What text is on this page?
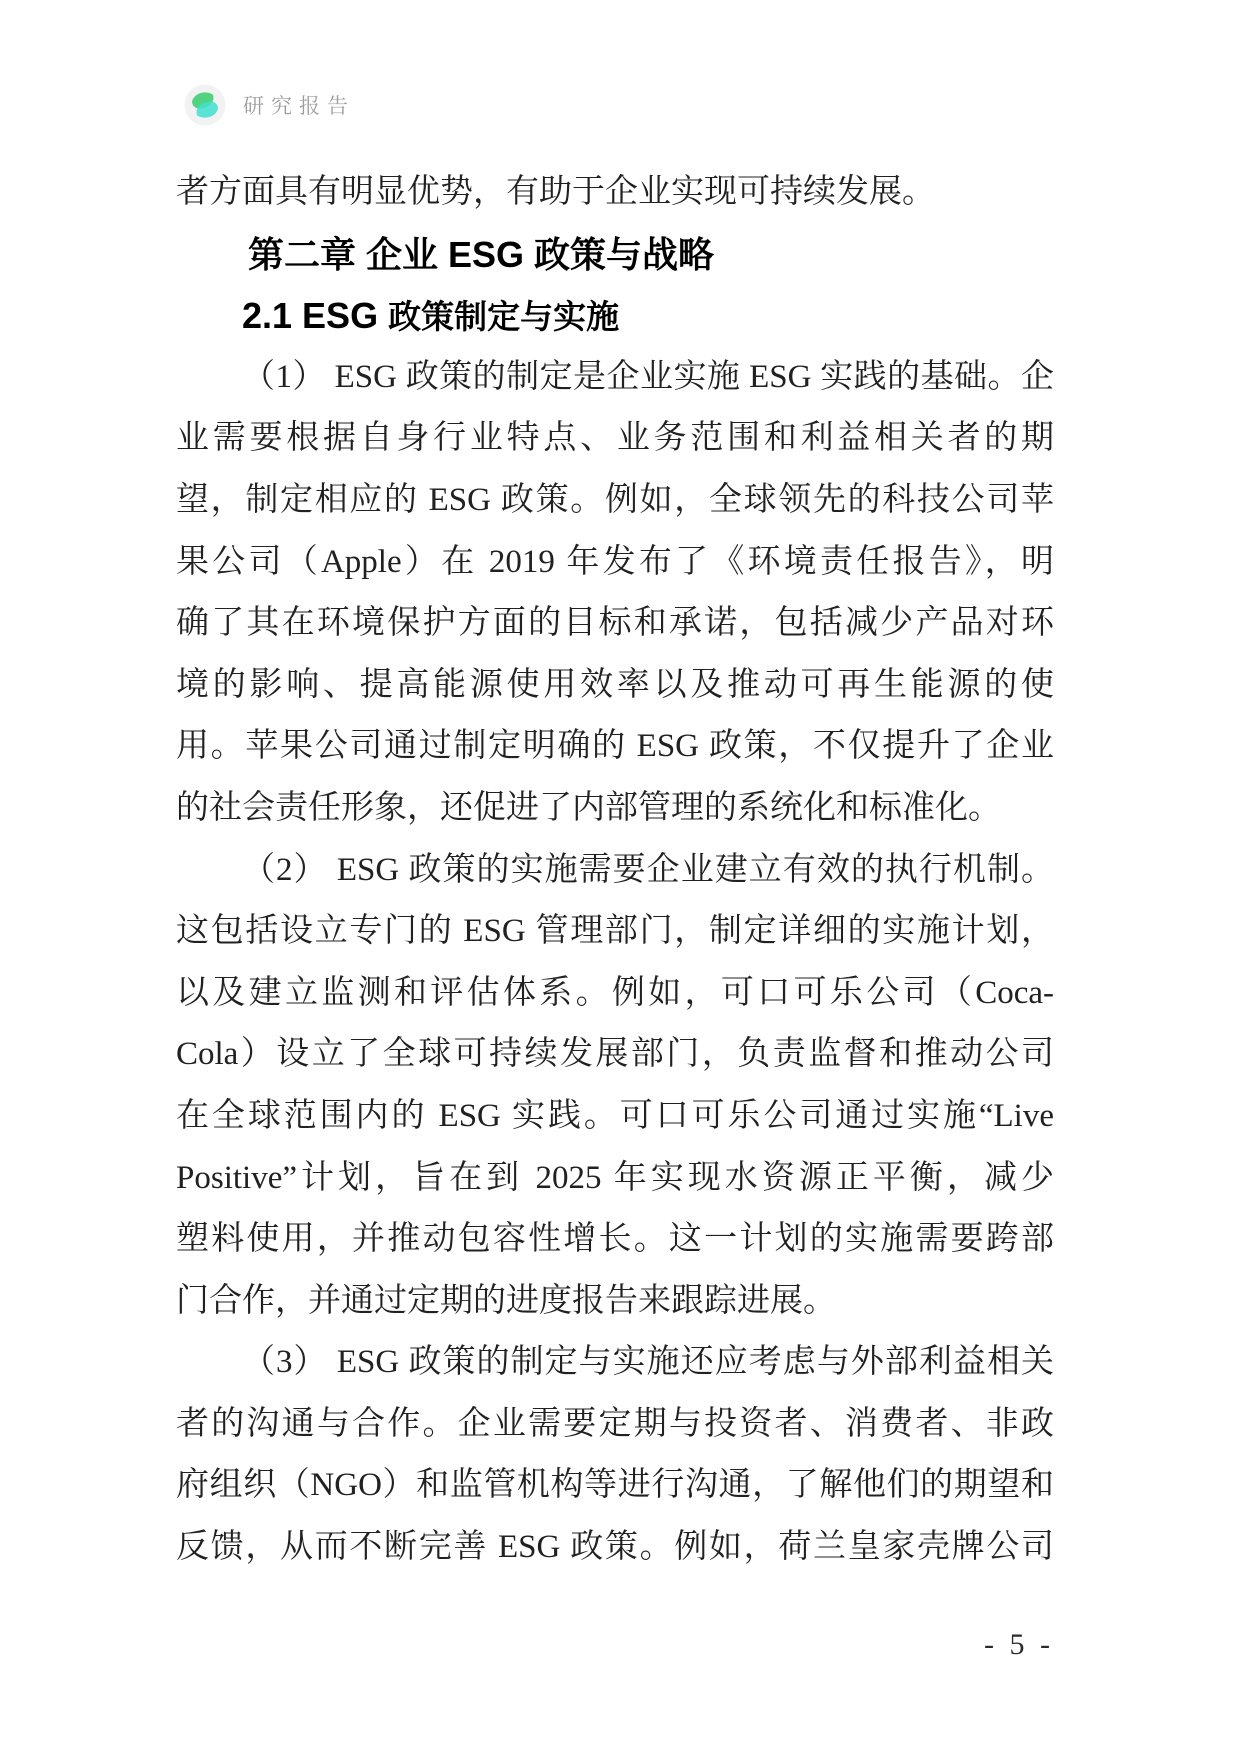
研究报告
者方面具有明显优势，有助于企业实现可持续发展。
第二章 企业 ESG 政策与战略
2.1 ESG 政策制定与实施
（1） ESG 政策的制定是企业实施 ESG 实践的基础。企
业需要根据自身行业特点、业务范围和利益相关者的期
望，制定相应的 ESG 政策。例如，全球领先的科技公司苹
果公司（Apple）在 2019 年发布了《环境责任报告》，明
确了其在环境保护方面的目标和承诺，包括减少产品对环
境的影响、提高能源使用效率以及推动可再生能源的使
用。苹果公司通过制定明确的 ESG 政策，不仅提升了企业
的社会责任形象，还促进了内部管理的系统化和标准化。
（2） ESG 政策的实施需要企业建立有效的执行机制。
这包括设立专门的 ESG 管理部门，制定详细的实施计划，
以及建立监测和评估体系。例如，可口可乐公司（Coca-
Cola）设立了全球可持续发展部门，负责监督和推动公司
在全球范围内的 ESG 实践。可口可乐公司通过实施“Live
Positive”计划，旨在到 2025 年实现水资源正平衡，减少
塑料使用，并推动包容性增长。这一计划的实施需要跨部
门合作，并通过定期的进度报告来跟踪进展。
（3） ESG 政策的制定与实施还应考虑与外部利益相关
者的沟通与合作。企业需要定期与投资者、消费者、非政
府组织（NGO）和监管机构等进行沟通，了解他们的期望和
反馈，从而不断完善 ESG 政策。例如，荷兰皇家壳牌公司
- 5 -
